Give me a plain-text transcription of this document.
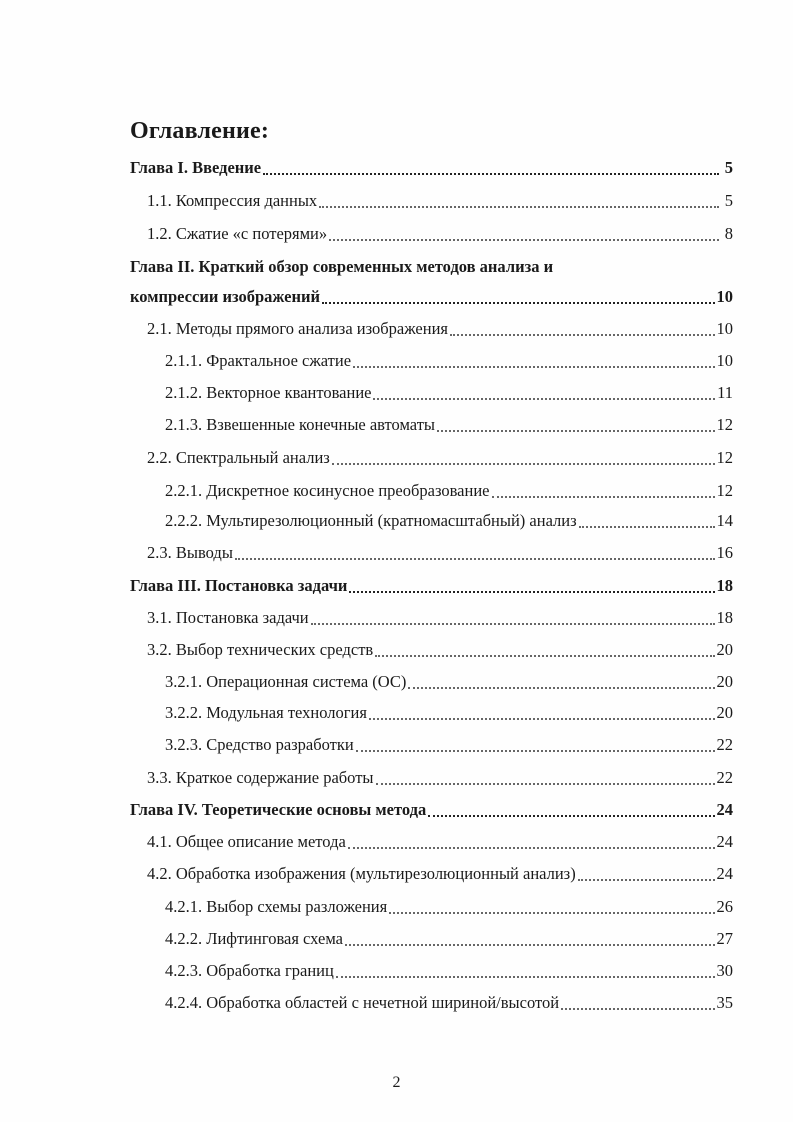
Оглавление:
Глава I. Введение	5
1.1. Компрессия данных	5
1.2. Сжатие «с потерями»	8
Глава II. Краткий обзор современных методов анализа и
компрессии изображений	10
2.1. Методы прямого анализа изображения	10
2.1.1. Фрактальное сжатие	10
2.1.2. Векторное квантование	11
2.1.3. Взвешенные конечные автоматы	12
2.2. Спектральный анализ	12
2.2.1. Дискретное косинусное преобразование	12
2.2.2. Мультирезолюционный (кратномасштабный) анализ	14
2.3. Выводы	16
Глава III. Постановка задачи	18
3.1. Постановка задачи	18
3.2. Выбор технических средств	20
3.2.1. Операционная система (ОС)	20
3.2.2. Модульная технология	20
3.2.3. Средство разработки	22
3.3. Краткое содержание работы	22
Глава IV. Теоретические основы метода	24
4.1. Общее описание метода	24
4.2. Обработка изображения (мультирезолюционный анализ)	24
4.2.1. Выбор схемы разложения	26
4.2.2. Лифтинговая схема	27
4.2.3. Обработка границ	30
4.2.4. Обработка областей с нечетной шириной/высотой	35
2
